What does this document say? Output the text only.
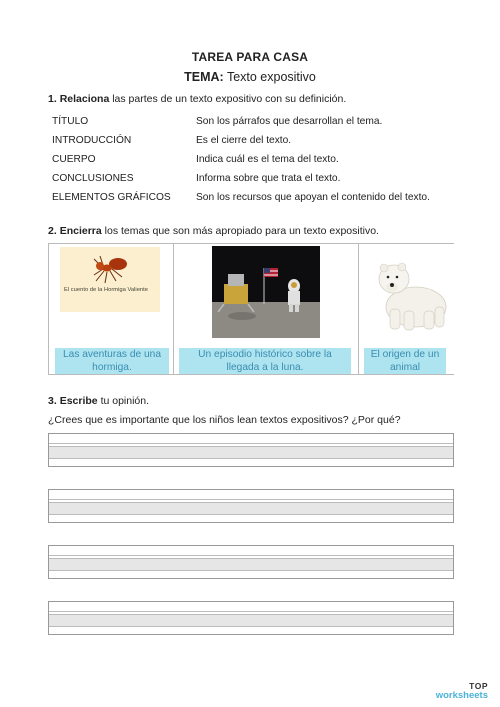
TAREA PARA CASA
TEMA: Texto expositivo
1. Relaciona las partes de un texto expositivo con su definición.
TÍTULO	Son los párrafos que desarrollan el tema.
INTRODUCCIÓN	Es el cierre del texto.
CUERPO	Indica cuál es el tema del texto.
CONCLUSIONES	Informa sobre que trata el texto.
ELEMENTOS GRÁFICOS	Son los recursos que apoyan el contenido del texto.
2. Encierra los temas que son más apropiado para un texto expositivo.
El cuento de la Hormiga Valiente
Las aventuras de una
hormiga.
Un episodio histórico sobre la
llegada a la luna.
El origen de un
animal
3. Escribe tu opinión.
¿Crees que es importante que los niños lean textos expositivos? ¿Por qué?
TOP
worksheets
